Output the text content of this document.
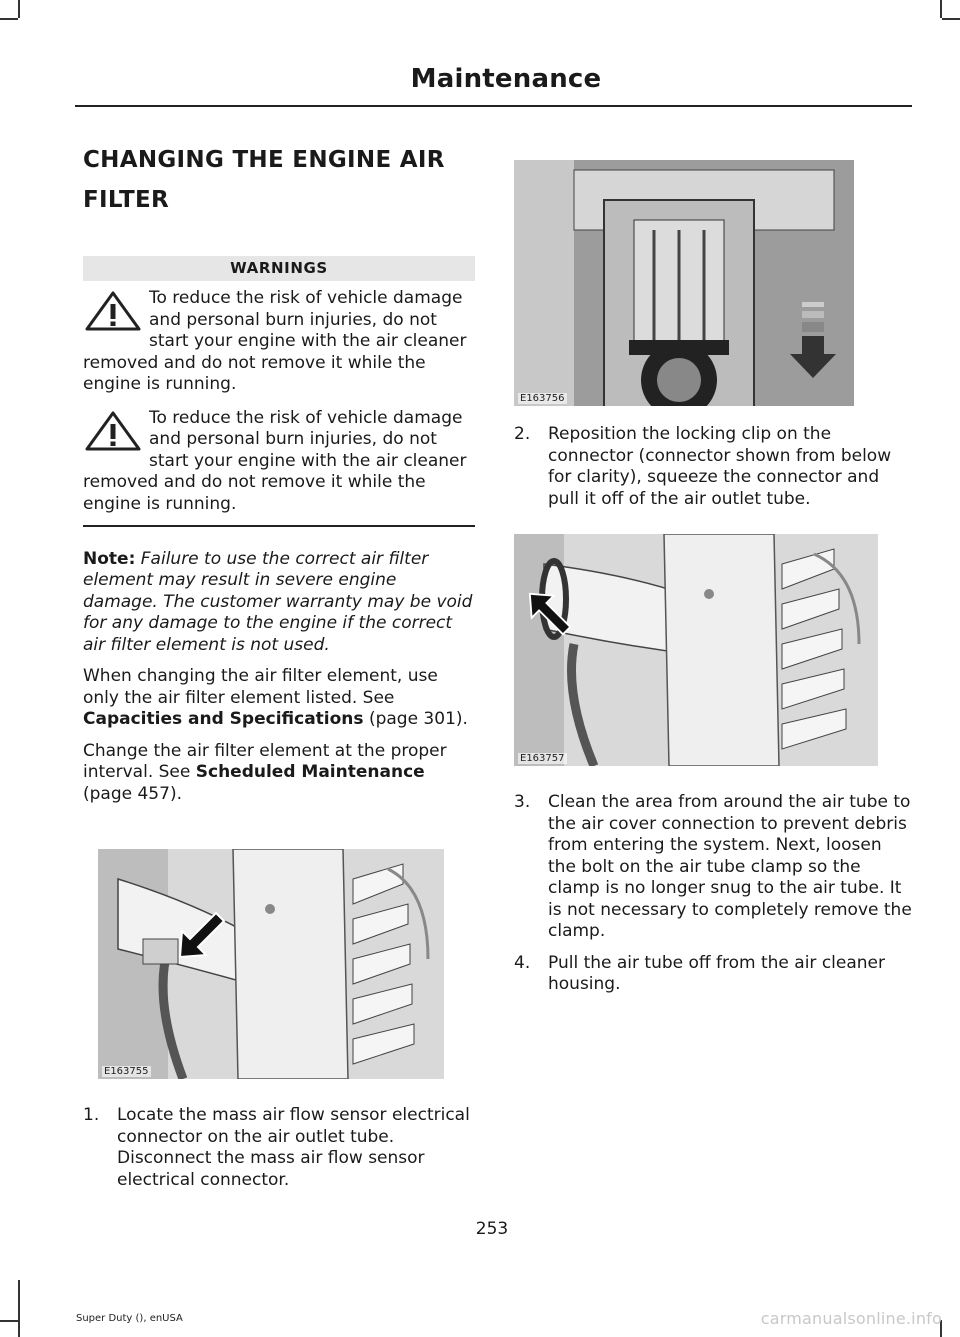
Maintenance
CHANGING THE ENGINE AIR
FILTER
WARNINGS
To reduce the risk of vehicle damage and personal burn injuries, do not start your engine with the air cleaner removed and do not remove it while the engine is running.
To reduce the risk of vehicle damage and personal burn injuries, do not start your engine with the air cleaner removed and do not remove it while the engine is running.

Note: Failure to use the correct air filter element may result in severe engine damage. The customer warranty may be void for any damage to the engine if the correct air filter element is not used.

When changing the air filter element, use only the air filter element listed. See Capacities and Specifications (page 301).

Change the air filter element at the proper interval. See Scheduled Maintenance (page 457).

E163755
1.	Locate the mass air flow sensor electrical connector on the air outlet tube. Disconnect the mass air flow sensor electrical connector.
E163756
2.	Reposition the locking clip on the connector (connector shown from below for clarity), squeeze the connector and pull it off of the air outlet tube.
E163757
3.	Clean the area from around the air tube to the air cover connection to prevent debris from entering the system. Next, loosen the bolt on the air tube clamp so the clamp is no longer snug to the air tube. It is not necessary to completely remove the clamp.
4.	Pull the air tube off from the air cleaner housing.
253
Super Duty (), enUSA	carmanualsonline.info
